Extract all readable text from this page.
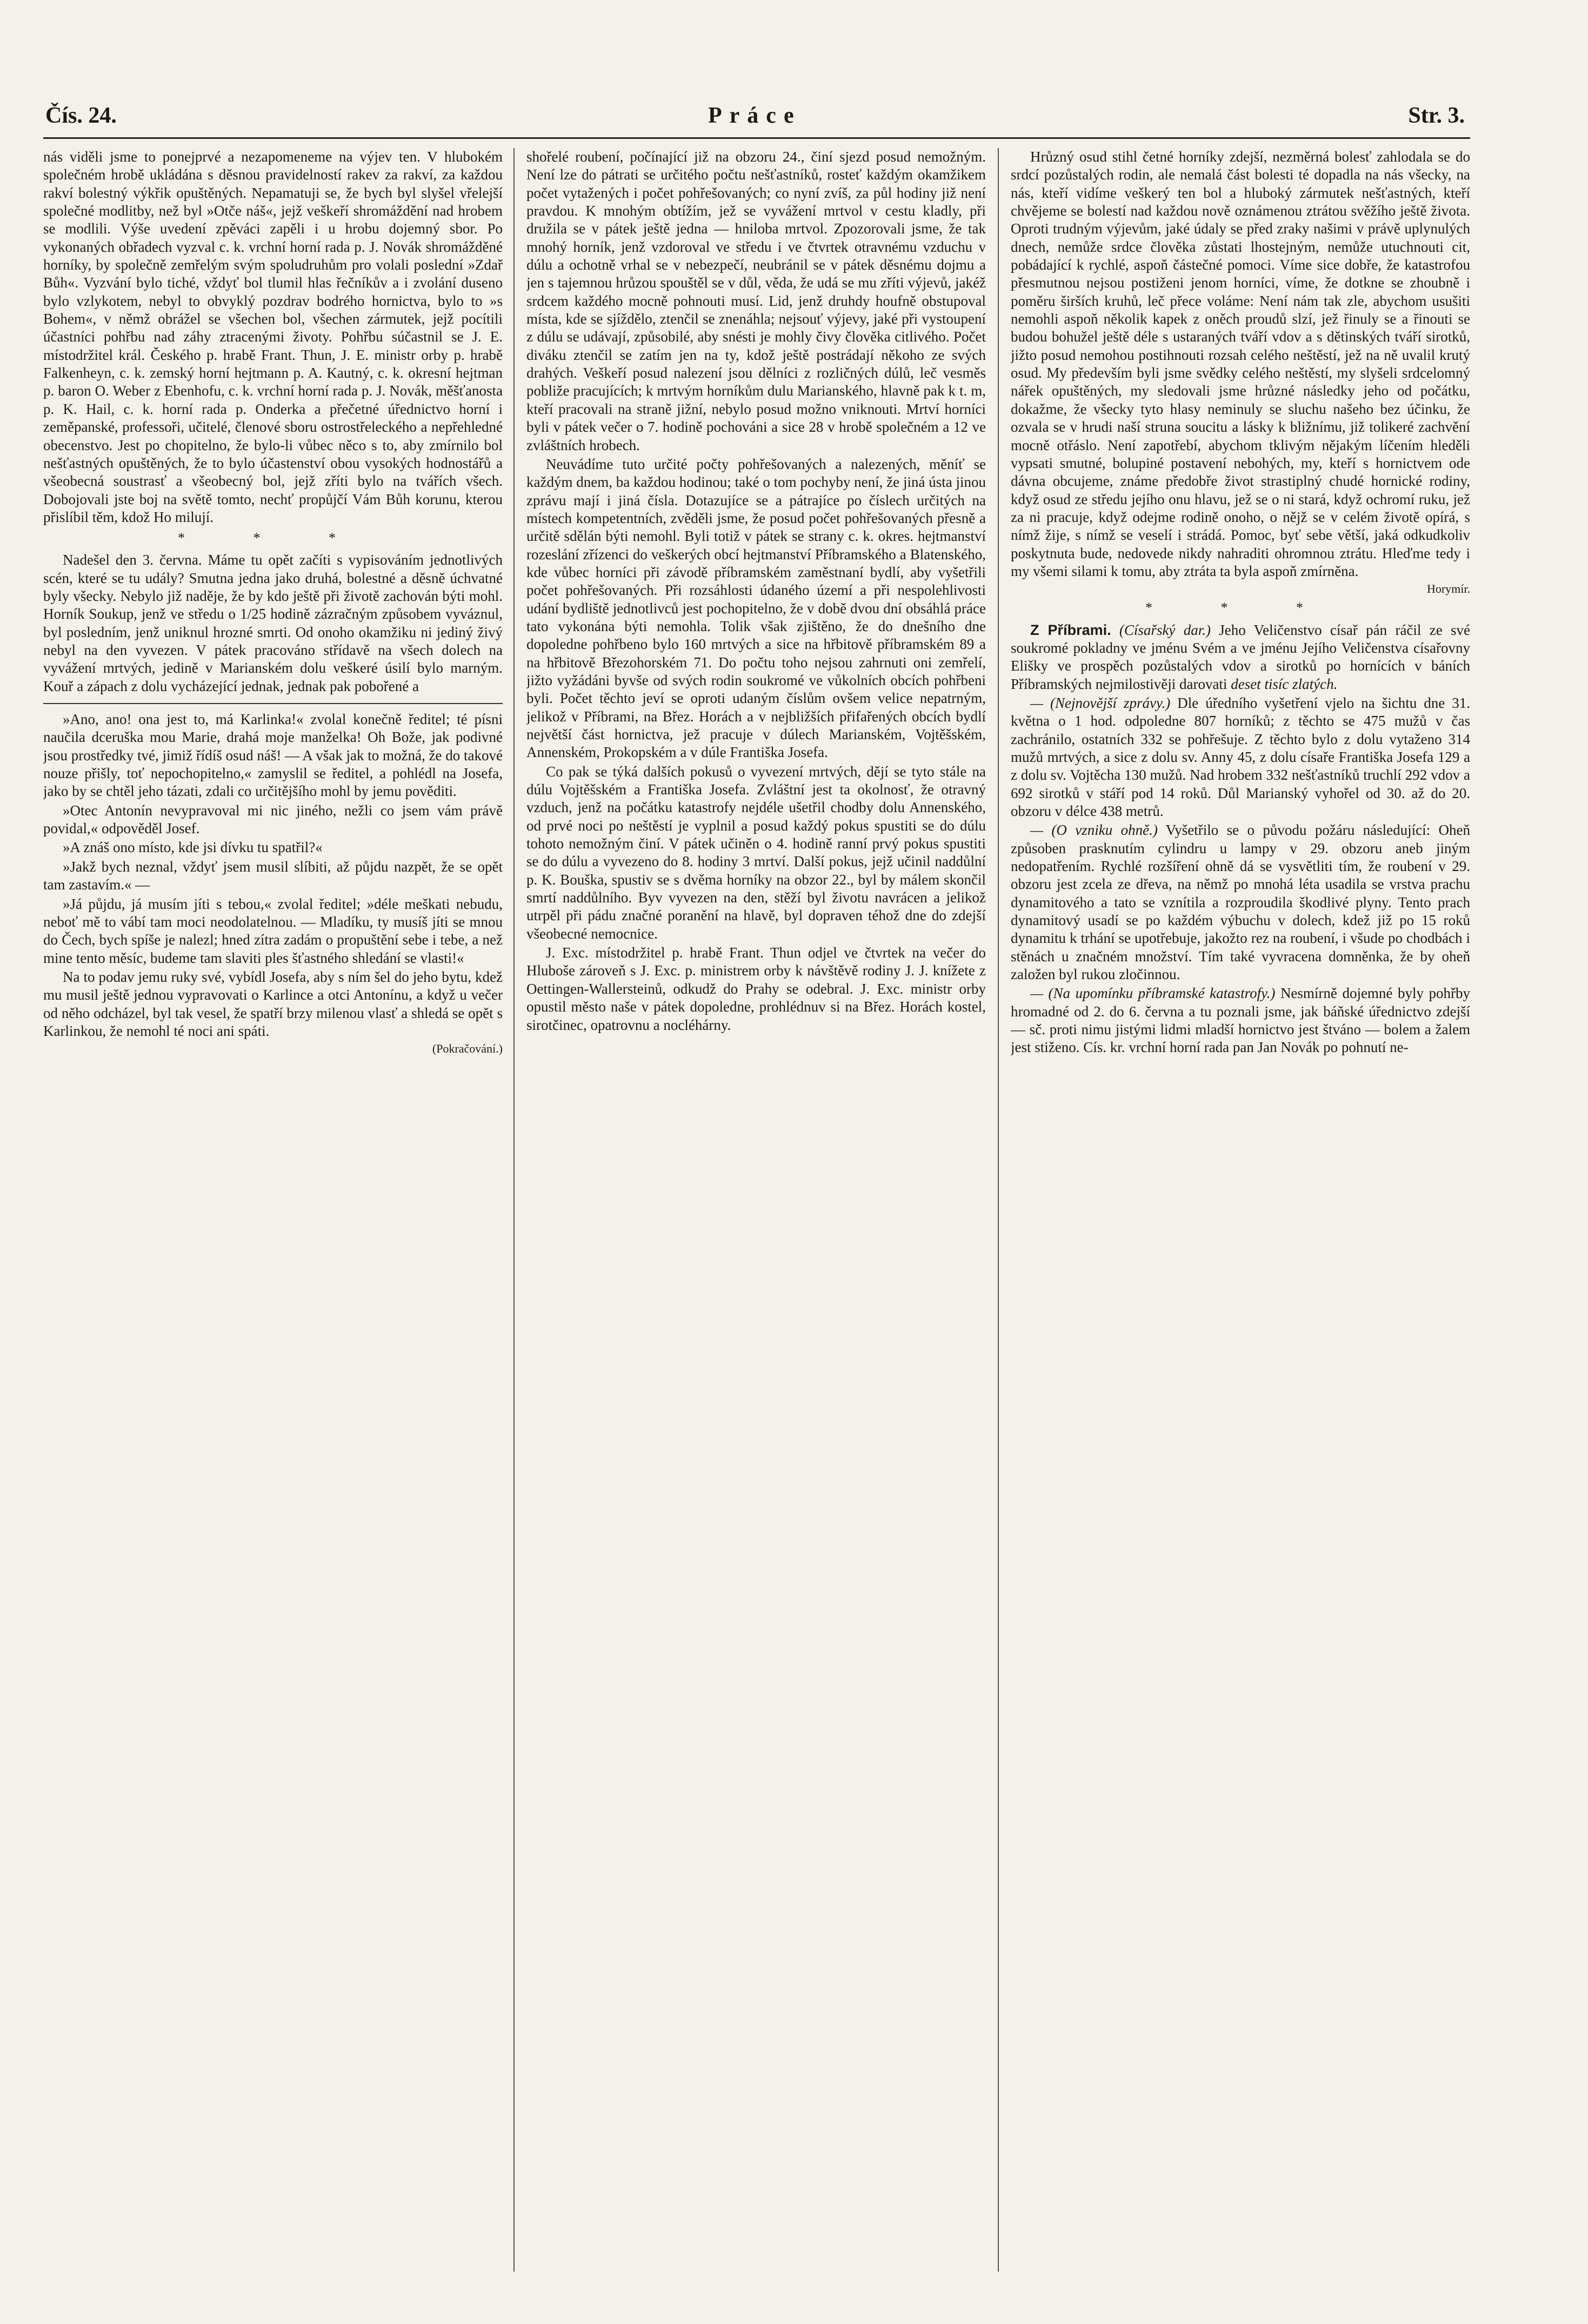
Čís. 24.	Práce	Str. 3.

nás viděli jsme to ponejprvé a nezapomeneme na výjev ten. V hlubokém společném hrobě ukládána s děsnou pravidelností rakev za rakví, za každou rakví bolestný výkřik opuštěných. Nepamatuji se, že bych byl slyšel vřelejší společné modlitby, než byl »Otče náš«, jejž veškeří shromáždění nad hrobem se modlili. Výše uvedení zpěváci zapěli i u hrobu dojemný sbor. Po vykonaných obřadech vyzval c. k. vrchní horní rada p. J. Novák shromážděné horníky, by společně zemřelým svým spoludruhům pro volali poslední »Zdař Bůh«. Vyzvání bylo tiché, vždyť bol tlumil hlas řečníkův a i zvolání duseno bylo vzlykotem, nebyl to obvyklý pozdrav bodrého hornictva, bylo to »s Bohem«, v němž obrážel se všechen bol, všechen zármutek, jejž pocítili účastníci pohřbu nad záhy ztracenými životy. Pohřbu súčastnil se J. E. místodržitel král. Českého p. hrabě Frant. Thun, J. E. ministr orby p. hrabě Falkenheyn, c. k. zemský horní hejtmann p. A. Kautný, c. k. okresní hejtman p. baron O. Weber z Ebenhofu, c. k. vrchní horní rada p. J. Novák, měšťanosta p. K. Hail, c. k. horní rada p. Onderka a přečetné úřednictvo horní i zeměpanské, professoři, učitelé, členové sboru ostrostřeleckého a nepřehledné obecenstvo. Jest po chopitelno, že bylo-li vůbec něco s to, aby zmírnilo bol nešťastných opuštěných, že to bylo účastenství obou vysokých hodnostářů a všeobecná soustrasť a všeobecný bol, jejž zříti bylo na tvářích všech. Dobojovali jste boj na světě tomto, nechť propůjčí Vám Bůh korunu, kterou přislíbil těm, kdož Ho milují.

* * *

Nadešel den 3. června. Máme tu opět začíti s vypisováním jednotlivých scén, které se tu udály? Smutna jedna jako druhá, bolestné a děsně úchvatné byly všecky. Nebylo již naděje, že by kdo ještě při životě zachován býti mohl. Horník Soukup, jenž ve středu o 1/25 hodině zázračným způsobem vyváznul, byl posledním, jenž uniknul hrozné smrti. Od onoho okamžiku ni jediný živý nebyl na den vyvezen. V pátek pracováno střídavě na všech dolech na vyvážení mrtvých, jedině v Marianském dolu veškeré úsilí bylo marným. Kouř a zápach z dolu vycházející jednak, jednak pak pobořené a

»Ano, ano! ona jest to, má Karlinka!« zvolal konečně ředitel; té písni naučila dceruška mou Marie, drahá moje manželka! Oh Bože, jak podivné jsou prostředky tvé, jimiž řídíš osud náš! — A však jak to možná, že do takové nouze přišly, toť nepochopitelno,« zamyslil se ředitel, a pohlédl na Josefa, jako by se chtěl jeho tázati, zdali co určitějšího mohl by jemu pověditi.

»Otec Antonín nevypravoval mi nic jiného, nežli co jsem vám právě povidal,« odpověděl Josef.

»A znáš ono místo, kde jsi dívku tu spatřil?«

»Jakž bych neznal, vždyť jsem musil slíbiti, až půjdu nazpět, že se opět tam zastavím.« —

»Já půjdu, já musím jíti s tebou,« zvolal ředitel; »déle meškati nebudu, neboť mě to vábí tam moci neodolatelnou. — Mladíku, ty musíš jíti se mnou do Čech, bych spíše je nalezl; hned zítra zadám o propuštění sebe i tebe, a než mine tento měsíc, budeme tam slaviti ples šťastného shledání se vlasti!«

Na to podav jemu ruky své, vybídl Josefa, aby s ním šel do jeho bytu, kdež mu musil ještě jednou vypravovati o Karlince a otci Antonínu, a když u večer od něho odcházel, byl tak vesel, že spatří brzy milenou vlasť a shledá se opět s Karlinkou, že nemohl té noci ani spáti.

(Pokračování.)

shořelé roubení, počínající již na obzoru 24., činí sjezd posud nemožným. Není lze do pátrati se určitého počtu nešťastníků, rosteť každým okamžikem počet vytažených i počet pohřešovaných; co nyní zvíš, za půl hodiny již není pravdou. K mnohým obtížím, jež se vyvážení mrtvol v cestu kladly, při družila se v pátek ještě jedna — hniloba mrtvol. Zpozorovali jsme, že tak mnohý horník, jenž vzdoroval ve středu i ve čtvrtek otravnému vzduchu v dúlu a ochotně vrhal se v nebezpečí, neubránil se v pátek děsnému dojmu a jen s tajemnou hrůzou spouštěl se v důl, věda, že udá se mu zříti výjevů, jakéž srdcem každého mocně pohnouti musí. Lid, jenž druhdy houfně obstupoval místa, kde se sjíždělo, ztenčil se znenáhla; nejsouť výjevy, jaké při vystoupení z dúlu se udávají, způsobilé, aby snésti je mohly čivy člověka citlivého. Počet diváku ztenčil se zatím jen na ty, kdož ještě postrádají někoho ze svých drahých. Veškeří posud nalezení jsou dělníci z rozličných dúlů, leč vesměs pobliže pracujících; k mrtvým horníkům dulu Marianského, hlavně pak k t. m, kteří pracovali na straně jižní, nebylo posud možno vniknouti. Mrtví horníci byli v pátek večer o 7. hodině pochováni a sice 28 v hrobě společném a 12 ve zvláštních hrobech.

Neuvádíme tuto určité počty pohřešovaných a nalezených, měníť se každým dnem, ba každou hodinou; také o tom pochyby není, že jiná ústa jinou zprávu mají i jiná čísla. Dotazujíce se a pátrajíce po číslech určitých na místech kompetentních, zvěděli jsme, že posud počet pohřešovaných přesně a určitě sdělán býti nemohl. Byli totiž v pátek se strany c. k. okres. hejtmanství rozeslání zřízenci do veškerých obcí hejtmanství Příbramského a Blatenského, kde vůbec horníci při závodě příbramském zaměstnaní bydlí, aby vyšetřili počet pohřešovaných. Při rozsáhlosti údaného území a při nespolehlivosti udání bydliště jednotlivců jest pochopitelno, že v době dvou dní obsáhlá práce tato vykonána býti nemohla. Tolik však zjištěno, že do dnešního dne dopoledne pohřbeno bylo 160 mrtvých a sice na hřbitově příbramském 89 a na hřbitově Březohorském 71. Do počtu toho nejsou zahrnuti oni zemřelí, jižto vyžádáni byvše od svých rodin soukromé ve vůkolních obcích pohřbeni byli. Počet těchto jeví se oproti udaným číslům ovšem velice nepatrným, jelikož v Příbrami, na Břez. Horách a v nejbližších přifařených obcích bydlí největší část hornictva, jež pracuje v dúlech Marianském, Vojtěšském, Annenském, Prokopském a v dúle Františka Josefa.

Co pak se týká dalších pokusů o vyvezení mrtvých, dějí se tyto stále na dúlu Vojtěšském a Františka Josefa. Zvláštní jest ta okolnosť, že otravný vzduch, jenž na počátku katastrofy nejdéle ušetřil chodby dolu Annenského, od prvé noci po neštěstí je vyplnil a posud každý pokus spustiti se do dúlu tohoto nemožným činí. V pátek učiněn o 4. hodině ranní prvý pokus spustiti se do dúlu a vyvezeno do 8. hodiny 3 mrtví. Další pokus, jejž učinil naddůlní p. K. Bouška, spustiv se s dvěma horníky na obzor 22., byl by málem skončil smrtí naddůlního. Byv vyvezen na den, stěží byl životu navrácen a jelikož utrpěl při pádu značné poranění na hlavě, byl dopraven téhož dne do zdejší všeobecné nemocnice.

J. Exc. místodržitel p. hrabě Frant. Thun odjel ve čtvrtek na večer do Hluboše zároveň s J. Exc. p. ministrem orby k návštěvě rodiny J. J. knížete z Oettingen-Wallersteinů, odkudž do Prahy se odebral. J. Exc. ministr orby opustil město naše v pátek dopoledne, prohlédnuv si na Břez. Horách kostel, sirotčinec, opatrovnu a nocléhárny.

Hrůzný osud stihl četné horníky zdejší, nezměrná bolesť zahlodala se do srdcí pozůstalých rodin, ale nemalá část bolesti té dopadla na nás všecky, na nás, kteří vidíme veškerý ten bol a hluboký zármutek nešťastných, kteří chvějeme se bolestí nad každou nově oznámenou ztrátou svěžího ještě života. Oproti trudným výjevům, jaké údaly se před zraky našimi v právě uplynulých dnech, nemůže srdce člověka zůstati lhostejným, nemůže utuchnouti cit, pobádající k rychlé, aspoň částečné pomoci. Víme sice dobře, že katastrofou přesmutnou nejsou postiženi jenom horníci, víme, že dotkne se zhoubně i poměru širších kruhů, leč přece voláme: Není nám tak zle, abychom usušiti nemohli aspoň několik kapek z oněch proudů slzí, jež řinuly se a řinouti se budou bohužel ještě déle s ustaraných tváří vdov a s dětinských tváří sirotků, jižto posud nemohou postihnouti rozsah celého neštěstí, jež na ně uvalil krutý osud. My především byli jsme svědky celého neštěstí, my slyšeli srdcelomný nářek opuštěných, my sledovali jsme hrůzné následky jeho od počátku, dokažme, že všecky tyto hlasy neminuly se sluchu našeho bez účinku, že ozvala se v hrudi naší struna soucitu a lásky k bližnímu, již tolikeré zachvění mocně otřáslo. Není zapotřebí, abychom tklivým nějakým líčením hleděli vypsati smutné, bolupiné postavení nebohých, my, kteří s hornictvem ode dávna obcujeme, známe předobře život strastiplný chudé hornické rodiny, když osud ze středu jejího onu hlavu, jež se o ni stará, když ochromí ruku, jež za ni pracuje, když odejme rodině onoho, o nějž se v celém životě opírá, s nímž žije, s nímž se veselí i strádá. Pomoc, byť sebe větší, jaká odkudkoliv poskytnuta bude, nedovede nikdy nahraditi ohromnou ztrátu. Hleďme tedy i my všemi silami k tomu, aby ztráta ta byla aspoň zmírněna.

Horymír.
* * *

Z Příbrami. (Císařský dar.) Jeho Veličenstvo císař pán ráčil ze své soukromé pokladny ve jménu Svém a ve jménu Jejího Veličenstva císařovny Elišky ve prospěch pozůstalých vdov a sirotků po hornících v báních Příbramských nejmilostivěji darovati deset tisíc zlatých.

— (Nejnovější zprávy.) Dle úředního vyšetření vjelo na šichtu dne 31. května o 1 hod. odpoledne 807 horníků; z těchto se 475 mužů v čas zachránilo, ostatních 332 se pohřešuje. Z těchto bylo z dolu vytaženo 314 mužů mrtvých, a sice z dolu sv. Anny 45, z dolu císaře Františka Josefa 129 a z dolu sv. Vojtěcha 130 mužů. Nad hrobem 332 nešťastníků truchlí 292 vdov a 692 sirotků v stáří pod 14 roků. Důl Marianský vyhořel od 30. až do 20. obzoru v délce 438 metrů.

— (O vzniku ohně.) Vyšetřilo se o původu požáru následující: Oheň způsoben prasknutím cylindru u lampy v 29. obzoru aneb jiným nedopatřením. Rychlé rozšíření ohně dá se vysvětliti tím, že roubení v 29. obzoru jest zcela ze dřeva, na němž po mnohá léta usadila se vrstva prachu dynamitového a tato se vznítila a rozproudila škodlivé plyny. Tento prach dynamitový usadí se po každém výbuchu v dolech, kdež již po 15 roků dynamitu k trhání se upotřebuje, jakožto rez na roubení, i všude po chodbách i stěnách u značném množství. Tím také vyvracena domněnka, že by oheň založen byl rukou zločinnou.

— (Na upomínku příbramské katastrofy.) Nesmírně dojemné byly pohřby hromadné od 2. do 6. června a tu poznali jsme, jak báňské úřednictvo zdejší — sč. proti nimu jistými lidmi mladší hornictvo jest štváno — bolem a žalem jest stiženo. Cís. kr. vrchní horní rada pan Jan Novák po pohnutí ne-
